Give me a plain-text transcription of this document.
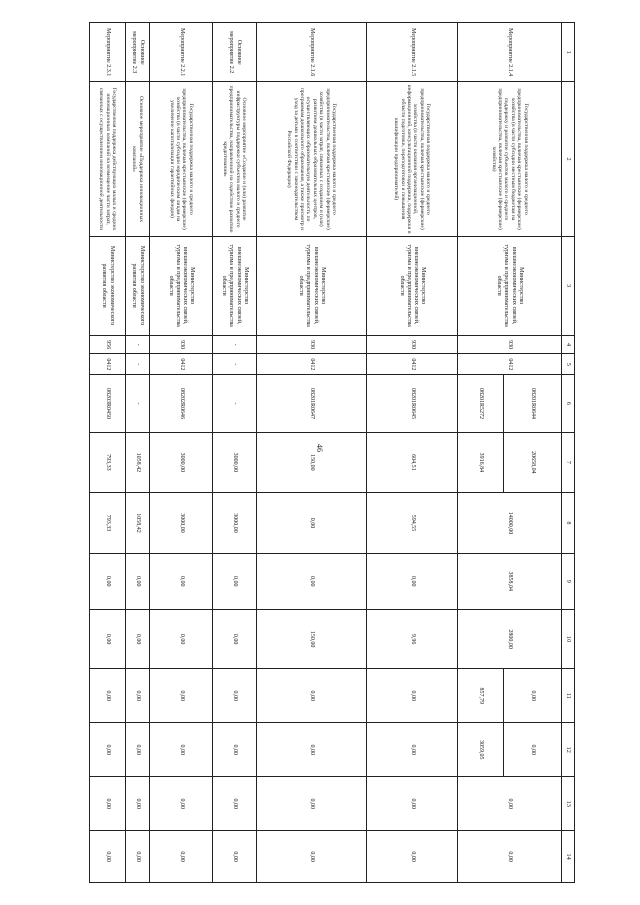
46
1	2	3	4	5	6	7	8	9	10	11	12	13	14
Мероприятие 2.1.4	Государственная поддержка малого и среднего предпринимательства, включая крестьянские (фермерские) хозяйства (в части субсидии местным бюджетам на поддержку и развитие субъектов малого и среднего предпринимательства, включая крестьянские (фермерские) хозяйства)	Министерство внешнеэкономических связей, туризма и предпринимательства области	930	0412	08201R0644	20658,04	14000,00	3858,04	2800,00	0,00	0,00	0,00	0,00
					08201R5272	3916,84				857,79	3059,05		
Мероприятие 2.1.5	Государственная поддержка малого и среднего предпринимательства, включая крестьянские (фермерские) хозяйства (в части оказания организационной, информационной, консультационной поддержки, поддержки в области подготовки, переподготовки и повышения квалификации предпринимателей)	Министерство внешнеэкономических связей, туризма и предпринимательства области	930	0412	08201R0645	604,51	594,55	0,00	9,96	0,00	0,00	0,00	0,00
Мероприятие 2.1.6	Государственная поддержка малого и среднего предпринимательства, включая крестьянские (фермерские) хозяйства (в части затрат, связанных с созданием и (или) развитием дошкольных образовательных центров, осуществляющих образовательную деятельность по программам дошкольного образования, а также присмотр и уход за детьми в соответствии с законодательством Российской Федерации)	Министерство внешнеэкономических связей, туризма и предпринимательства области	930	0412	08201R0647	150,00	0,00	0,00	150,00	0,00	0,00	0,00	0,00
Основное мероприятие 2.2	Основное мероприятие «Создание и (или) развитие инфраструктуры поддержки субъектов малого и среднего предпринимательства, направленной на содействие развитию кредитования»	Министерство внешнеэкономических связей, туризма и предпринимательства области	-	-	-	3000,00	3000,00	0,00	0,00	0,00	0,00	0,00	0,00
Мероприятие 2.2.1	Государственная поддержка малого и среднего предпринимательства, включая крестьянские (фермерские) хозяйства (в части субсидии юридическим лицам на увеличение капитализации гарантийных фондов)	Министерство внешнеэкономических связей, туризма и предпринимательства области	930	0412	08202R0646	3000,00	3000,00	0,00	0,00	0,00	0,00	0,00	0,00
Основное мероприятие 2.3	Основное мероприятие «Поддержка инновационных компаний»	Министерство экономического развития области	-	-	-	1058,42	1058,42	0,00	0,00	0,00	0,00	0,00	0,00
Мероприятие 2.3.1	Государственная поддержка действующих малых и средних инновационных компаний на возмещение части затрат, связанных с осуществлением инновационной деятельности	Министерство экономического развития области	956	0412	08203R0450	793,33	793,33	0,00	0,00	0,00	0,00	0,00	0,00
